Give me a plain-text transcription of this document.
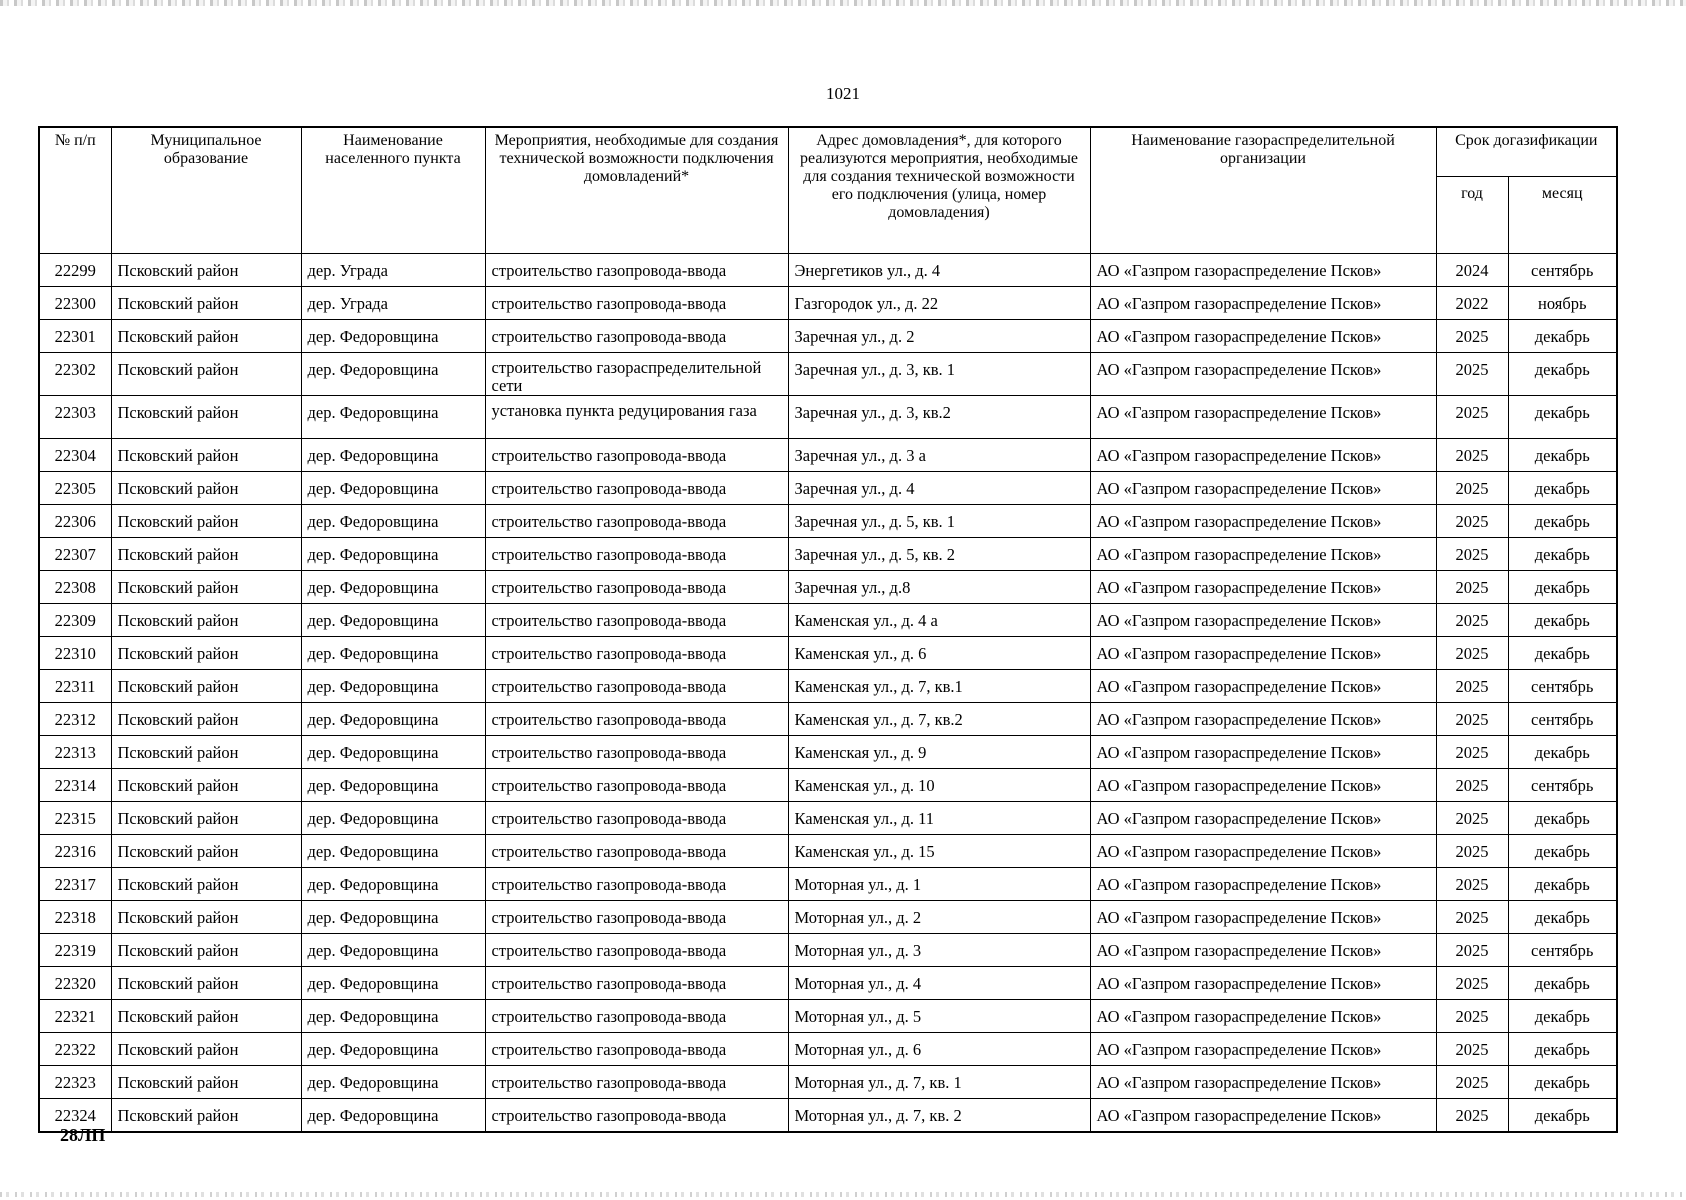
1021
№ п/п	Муниципальное образование	Наименование населенного пункта	Мероприятия, необходимые для создания технической возможности подключения домовладений*	Адрес домовладения*, для которого реализуются мероприятия, необходимые для создания технической возможности его подключения (улица, номер домовладения)	Наименование газораспределительной организации	Срок догазификации	
						год	месяц
22299	Псковский район	дер. Уграда	строительство газопровода-ввода	Энергетиков ул., д. 4	АО «Газпром газораспределение Псков»	2024	сентябрь
22300	Псковский район	дер. Уграда	строительство газопровода-ввода	Газгородок ул., д. 22	АО «Газпром газораспределение Псков»	2022	ноябрь
22301	Псковский район	дер. Федоровщина	строительство газопровода-ввода	Заречная ул., д. 2	АО «Газпром газораспределение Псков»	2025	декабрь
22302	Псковский район	дер. Федоровщина	строительство газораспределительной сети	Заречная ул., д. 3, кв. 1	АО «Газпром газораспределение Псков»	2025	декабрь
22303	Псковский район	дер. Федоровщина	установка пункта редуцирования газа	Заречная ул., д. 3, кв.2	АО «Газпром газораспределение Псков»	2025	декабрь
22304	Псковский район	дер. Федоровщина	строительство газопровода-ввода	Заречная ул., д. 3 а	АО «Газпром газораспределение Псков»	2025	декабрь
22305	Псковский район	дер. Федоровщина	строительство газопровода-ввода	Заречная ул., д. 4	АО «Газпром газораспределение Псков»	2025	декабрь
22306	Псковский район	дер. Федоровщина	строительство газопровода-ввода	Заречная ул., д. 5, кв. 1	АО «Газпром газораспределение Псков»	2025	декабрь
22307	Псковский район	дер. Федоровщина	строительство газопровода-ввода	Заречная ул., д. 5, кв. 2	АО «Газпром газораспределение Псков»	2025	декабрь
22308	Псковский район	дер. Федоровщина	строительство газопровода-ввода	Заречная ул., д.8	АО «Газпром газораспределение Псков»	2025	декабрь
22309	Псковский район	дер. Федоровщина	строительство газопровода-ввода	Каменская ул., д. 4 а	АО «Газпром газораспределение Псков»	2025	декабрь
22310	Псковский район	дер. Федоровщина	строительство газопровода-ввода	Каменская ул., д. 6	АО «Газпром газораспределение Псков»	2025	декабрь
22311	Псковский район	дер. Федоровщина	строительство газопровода-ввода	Каменская ул., д. 7, кв.1	АО «Газпром газораспределение Псков»	2025	сентябрь
22312	Псковский район	дер. Федоровщина	строительство газопровода-ввода	Каменская ул., д. 7, кв.2	АО «Газпром газораспределение Псков»	2025	сентябрь
22313	Псковский район	дер. Федоровщина	строительство газопровода-ввода	Каменская ул., д. 9	АО «Газпром газораспределение Псков»	2025	декабрь
22314	Псковский район	дер. Федоровщина	строительство газопровода-ввода	Каменская ул., д. 10	АО «Газпром газораспределение Псков»	2025	сентябрь
22315	Псковский район	дер. Федоровщина	строительство газопровода-ввода	Каменская ул., д. 11	АО «Газпром газораспределение Псков»	2025	декабрь
22316	Псковский район	дер. Федоровщина	строительство газопровода-ввода	Каменская ул., д. 15	АО «Газпром газораспределение Псков»	2025	декабрь
22317	Псковский район	дер. Федоровщина	строительство газопровода-ввода	Моторная ул., д. 1	АО «Газпром газораспределение Псков»	2025	декабрь
22318	Псковский район	дер. Федоровщина	строительство газопровода-ввода	Моторная ул., д. 2	АО «Газпром газораспределение Псков»	2025	декабрь
22319	Псковский район	дер. Федоровщина	строительство газопровода-ввода	Моторная ул., д. 3	АО «Газпром газораспределение Псков»	2025	сентябрь
22320	Псковский район	дер. Федоровщина	строительство газопровода-ввода	Моторная ул., д. 4	АО «Газпром газораспределение Псков»	2025	декабрь
22321	Псковский район	дер. Федоровщина	строительство газопровода-ввода	Моторная ул., д. 5	АО «Газпром газораспределение Псков»	2025	декабрь
22322	Псковский район	дер. Федоровщина	строительство газопровода-ввода	Моторная ул., д. 6	АО «Газпром газораспределение Псков»	2025	декабрь
22323	Псковский район	дер. Федоровщина	строительство газопровода-ввода	Моторная ул., д. 7, кв. 1	АО «Газпром газораспределение Псков»	2025	декабрь
22324	Псковский район	дер. Федоровщина	строительство газопровода-ввода	Моторная ул., д. 7, кв. 2	АО «Газпром газораспределение Псков»	2025	декабрь
28ЛП
